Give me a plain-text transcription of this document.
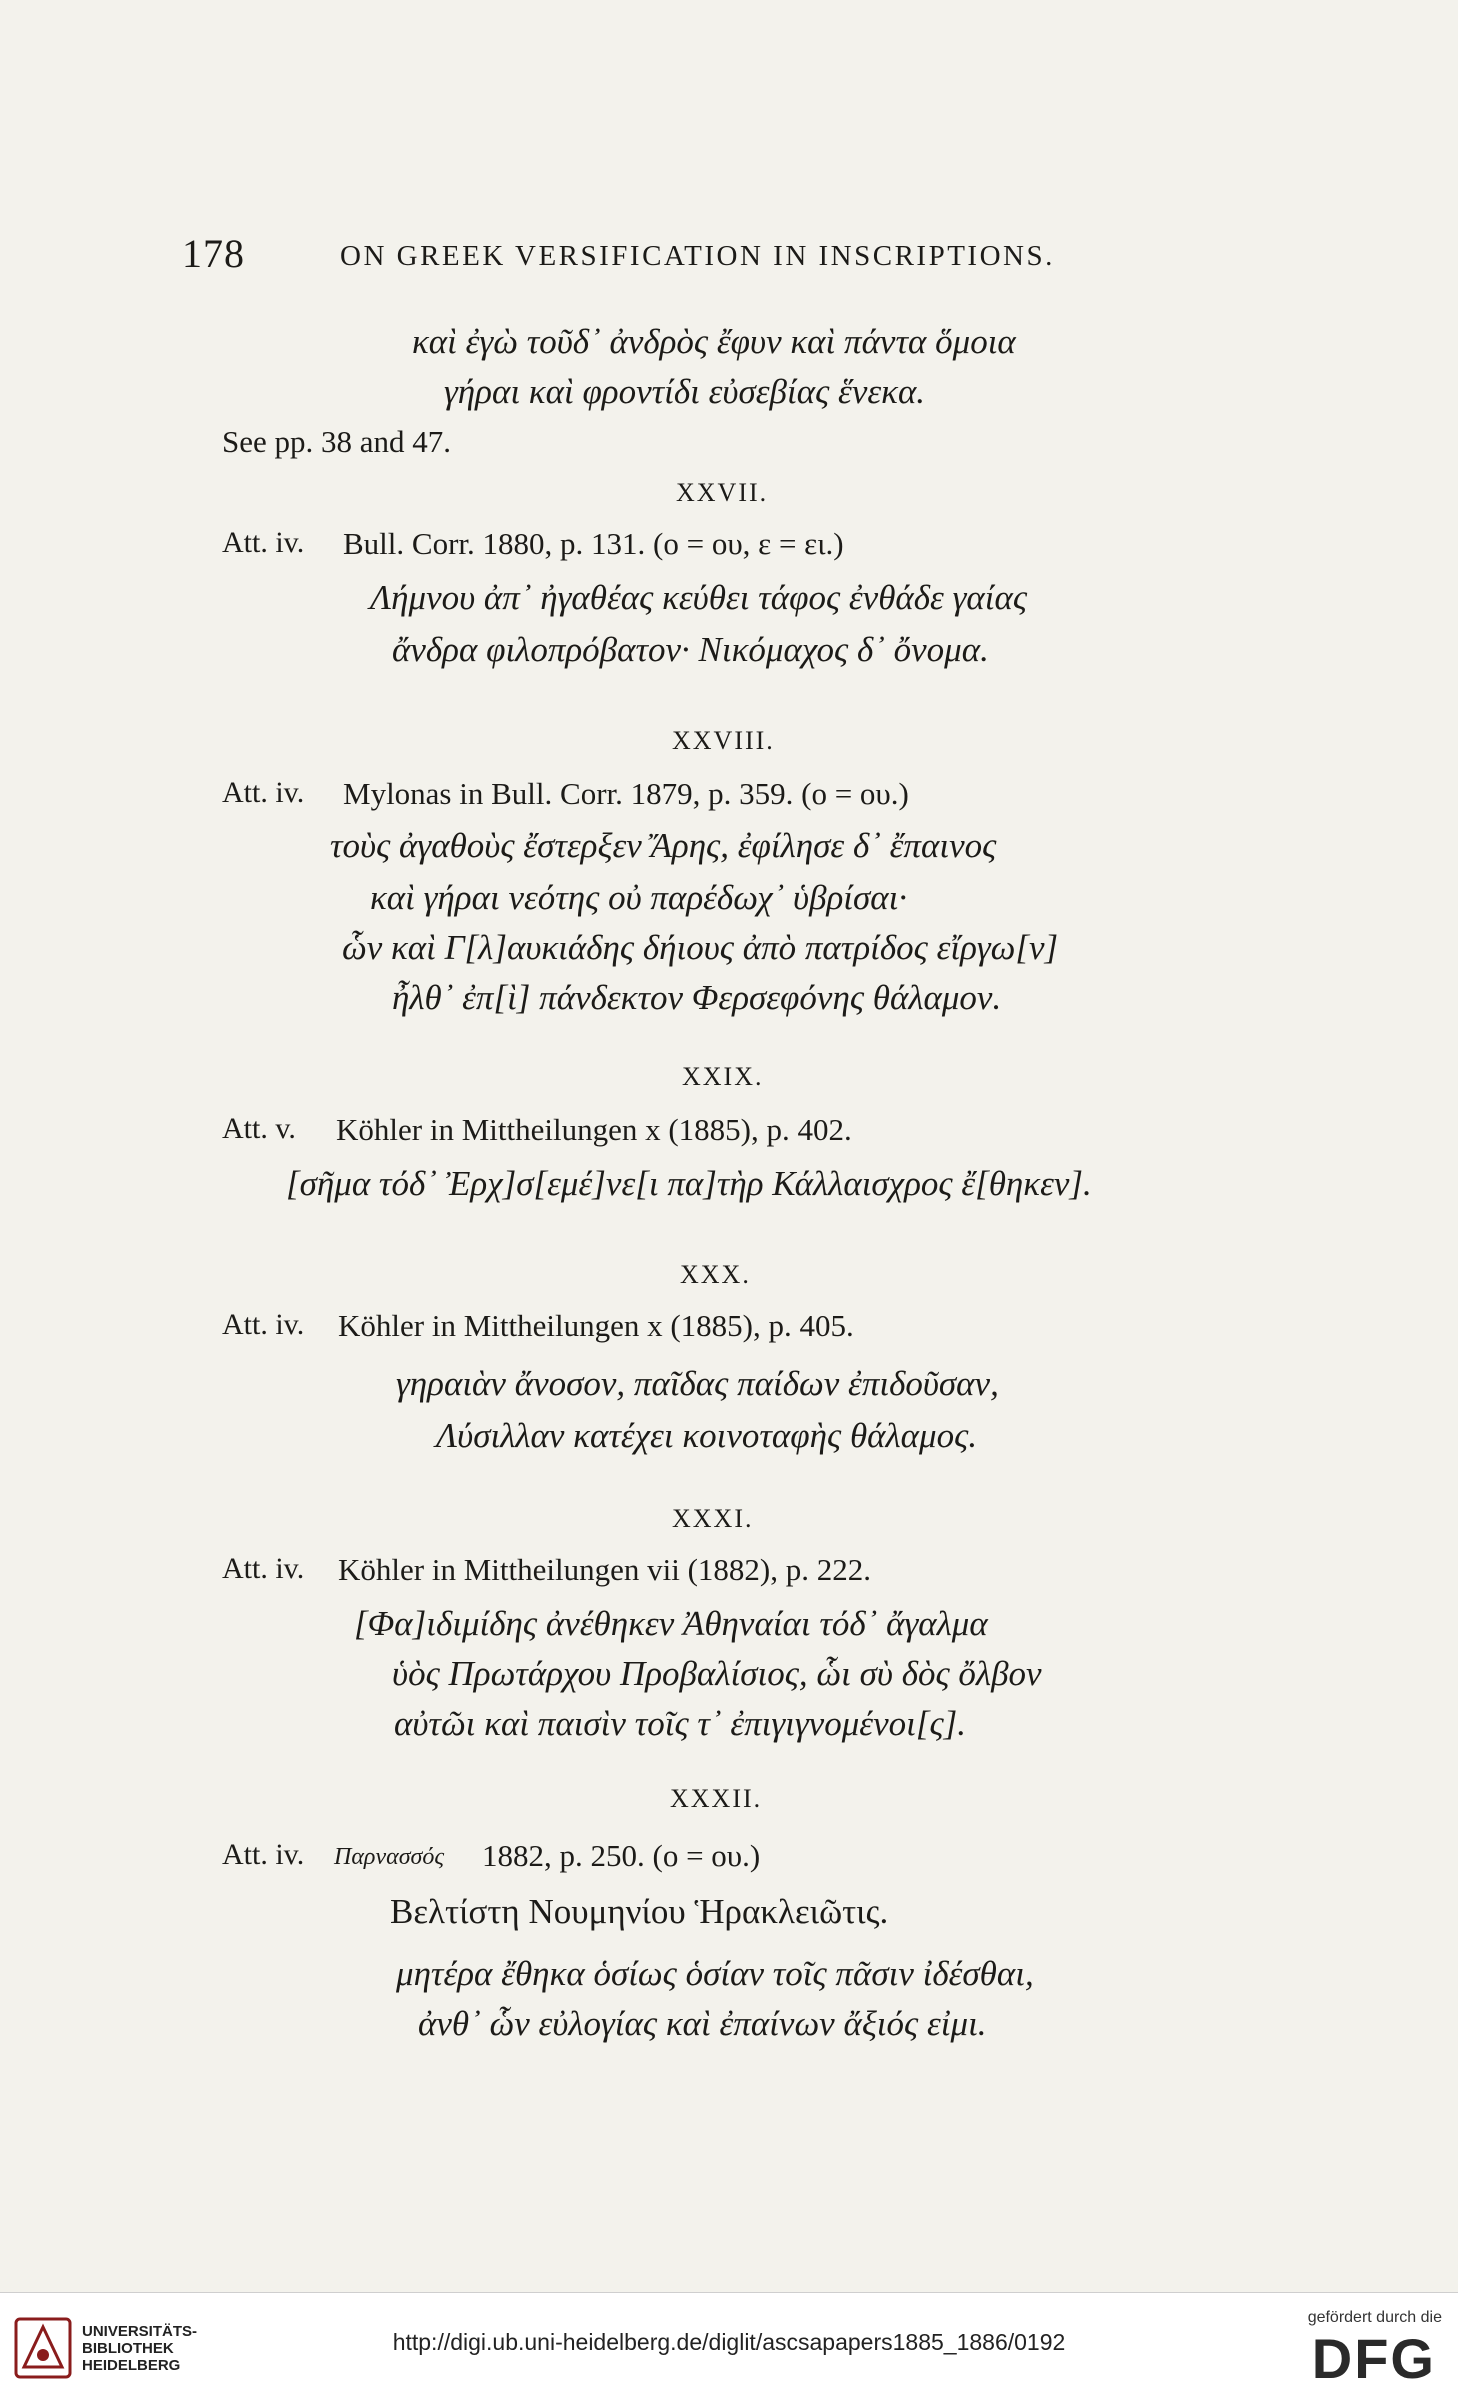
178	ON GREEK VERSIFICATION IN INSCRIPTIONS.
καὶ ἐγὼ τοῦδ᾽ ἀνδρὸς ἔφυν καὶ πάντα ὅμοια
γήραι καὶ φροντίδι εὐσεβίας ἕνεκα.
See pp. 38 and 47.
XXVII.
Att. iv. Bull. Corr. 1880, p. 131. (ο = ου, ε = ει.)
Λήμνου ἀπ᾽ ἠγαθέας κεύθει τάφος ἐνθάδε γαίας
ἄνδρα φιλοπρόβατον· Νικόμαχος δ᾽ ὄνομα.
XXVIII.
Att. iv. Mylonas in Bull. Corr. 1879, p. 359. (ο = ου.)
τοὺς ἀγαθοὺς ἔστερξεν Ἄρης, ἐφίλησε δ᾽ ἔπαινος
καὶ γήραι νεότης οὐ παρέδωχ᾽ ὑβρίσαι·
ὧν καὶ Γ[λ]αυκιάδης δήιους ἀπὸ πατρίδος εἴργω[ν]
ἦλθ᾽ ἐπ[ὶ] πάνδεκτον Φερσεφόνης θάλαμον.
XXIX.
Att. v. Köhler in Mittheilungen x (1885), p. 402.
[σῆμα τόδ᾽ Ἐρχ]σ[εμέ]νε[ι πα]τὴρ Κάλλαισχρος ἔ[θηκεν].
XXX.
Att. iv. Köhler in Mittheilungen x (1885), p. 405.
γηραιὰν ἄνοσον, παῖδας παίδων ἐπιδοῦσαν,
Λύσιλλαν κατέχει κοινοταφὴς θάλαμος.
XXXI.
Att. iv. Köhler in Mittheilungen vii (1882), p. 222.
[Φα]ιδιμίδης ἀνέθηκεν Ἀθηναίαι τόδ᾽ ἄγαλμα
ὑὸς Πρωτάρχου Προβαλίσιος, ὧι σὺ δὸς ὄλβον
αὐτῶι καὶ παισὶν τοῖς τ᾽ ἐπιγιγνομένοι[ς].
XXXII.
Att. iv. Παρνασσός 1882, p. 250. (ο = ου.)
Βελτίστη Νουμηνίου Ἡρακλειῶτις.
μητέρα ἔθηκα ὁσίως ὁσίαν τοῖς πᾶσιν ἰδέσθαι,
ἀνθ᾽ ὧν εὐλογίας καὶ ἐπαίνων ἄξιός εἰμι.
UNIVERSITÄTS-
BIBLIOTHEK
HEIDELBERG
http://digi.ub.uni-heidelberg.de/diglit/ascsapapers1885_1886/0192
gefördert durch die
DFG
